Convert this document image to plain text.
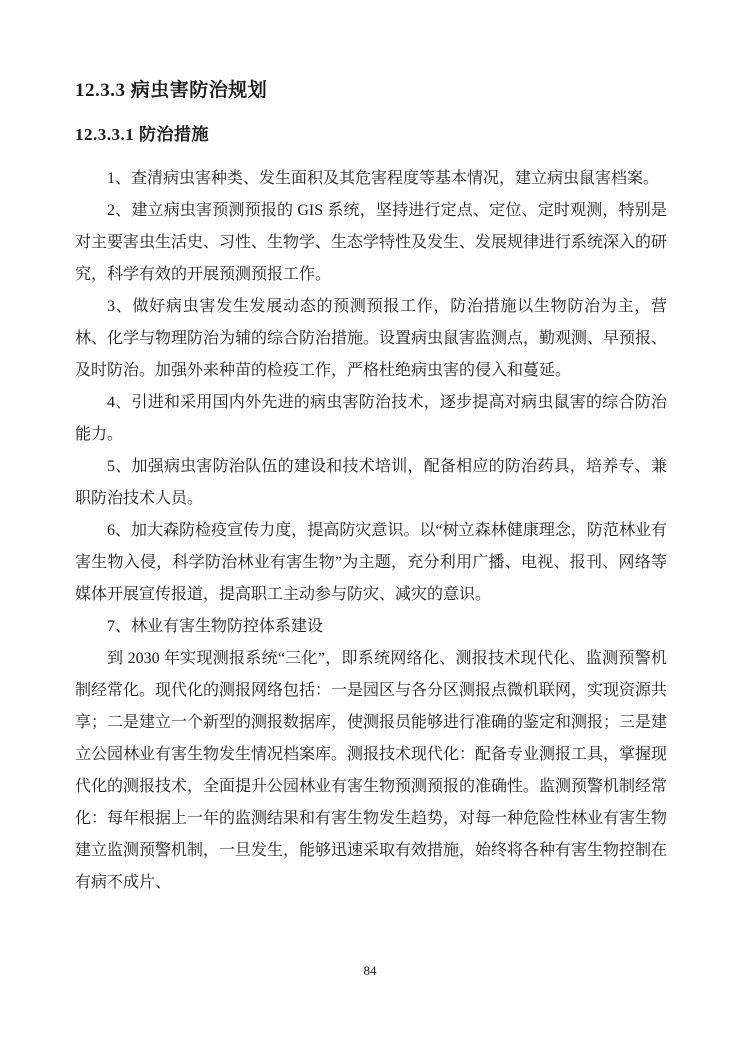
12.3.3 病虫害防治规划
12.3.3.1 防治措施

1、查清病虫害种类、发生面积及其危害程度等基本情况，建立病虫鼠害档案。

2、建立病虫害预测预报的 GIS 系统，坚持进行定点、定位、定时观测，特别是对主要害虫生活史、习性、生物学、生态学特性及发生、发展规律进行系统深入的研究，科学有效的开展预测预报工作。

3、做好病虫害发生发展动态的预测预报工作，防治措施以生物防治为主，营林、化学与物理防治为辅的综合防治措施。设置病虫鼠害监测点，勤观测、早预报、及时防治。加强外来种苗的检疫工作，严格杜绝病虫害的侵入和蔓延。

4、引进和采用国内外先进的病虫害防治技术，逐步提高对病虫鼠害的综合防治能力。

5、加强病虫害防治队伍的建设和技术培训，配备相应的防治药具，培养专、兼职防治技术人员。

6、加大森防检疫宣传力度，提高防灾意识。以“树立森林健康理念，防范林业有害生物入侵，科学防治林业有害生物”为主题，充分利用广播、电视、报刊、网络等媒体开展宣传报道，提高职工主动参与防灾、减灾的意识。

7、林业有害生物防控体系建设

到 2030 年实现测报系统“三化”，即系统网络化、测报技术现代化、监测预警机制经常化。现代化的测报网络包括：一是园区与各分区测报点微机联网，实现资源共享；二是建立一个新型的测报数据库，使测报员能够进行准确的鉴定和测报；三是建立公园林业有害生物发生情况档案库。测报技术现代化：配备专业测报工具，掌握现代化的测报技术，全面提升公园林业有害生物预测预报的准确性。监测预警机制经常化：每年根据上一年的监测结果和有害生物发生趋势，对每一种危险性林业有害生物建立监测预警机制，一旦发生，能够迅速采取有效措施，始终将各种有害生物控制在有病不成片、

84
